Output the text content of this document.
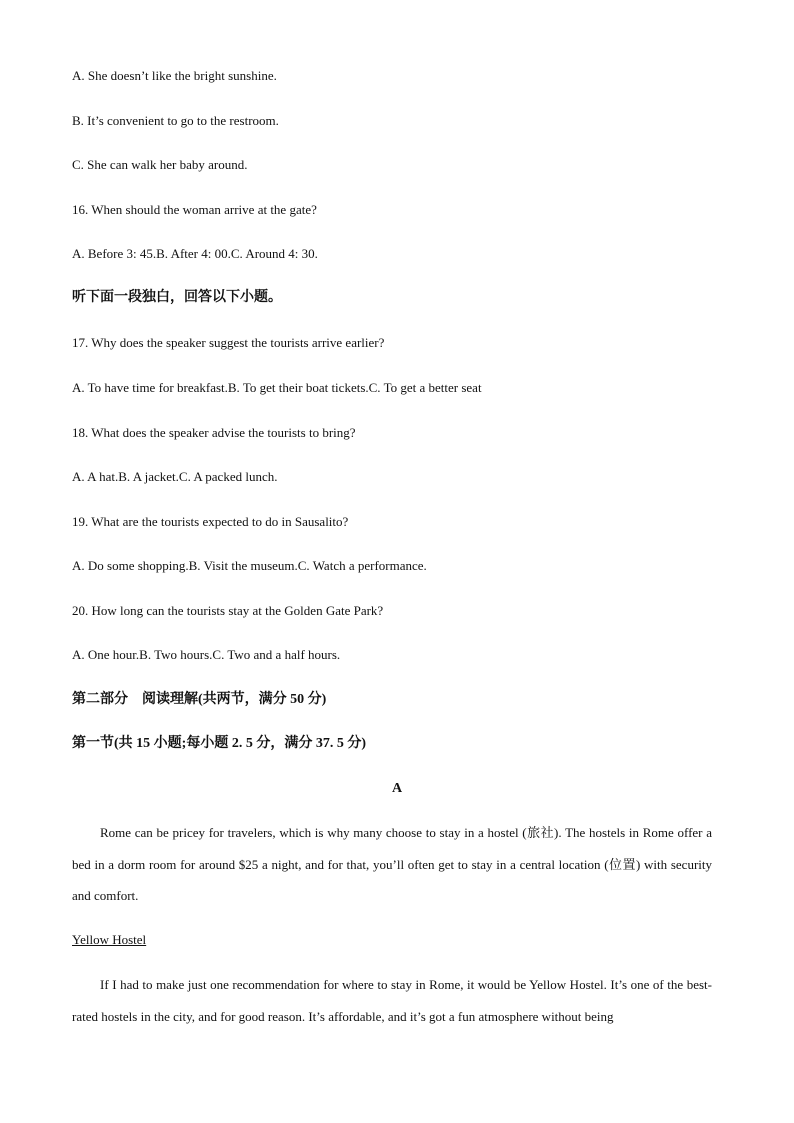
A. She doesn’t like the bright sunshine.
B. It’s convenient to go to the restroom.
C. She can walk her baby around.
16. When should the woman arrive at the gate?
A. Before 3: 45.B. After 4: 00.C. Around 4: 30.
听下面一段独白，回答以下小题。
17. Why does the speaker suggest the tourists arrive earlier?
A. To have time for breakfast.B. To get their boat tickets.C. To get a better seat
18. What does the speaker advise the tourists to bring?
A. A hat.B. A jacket.C. A packed lunch.
19. What are the tourists expected to do in Sausalito?
A. Do some shopping.B. Visit the museum.C. Watch a performance.
20. How long can the tourists stay at the Golden Gate Park?
A. One hour.B. Two hours.C. Two and a half hours.
第二部分　阅读理解(共两节，满分 50 分)
第一节(共 15 小题;每小题 2. 5 分，满分 37. 5 分)
A
Rome can be pricey for travelers, which is why many choose to stay in a hostel (旅社). The hostels in Rome offer a bed in a dorm room for around $25 a night, and for that, you’ll often get to stay in a central location (位置) with security and comfort.
Yellow Hostel
If I had to make just one recommendation for where to stay in Rome, it would be Yellow Hostel. It’s one of the best-rated hostels in the city, and for good reason. It’s affordable, and it’s got a fun atmosphere without being
